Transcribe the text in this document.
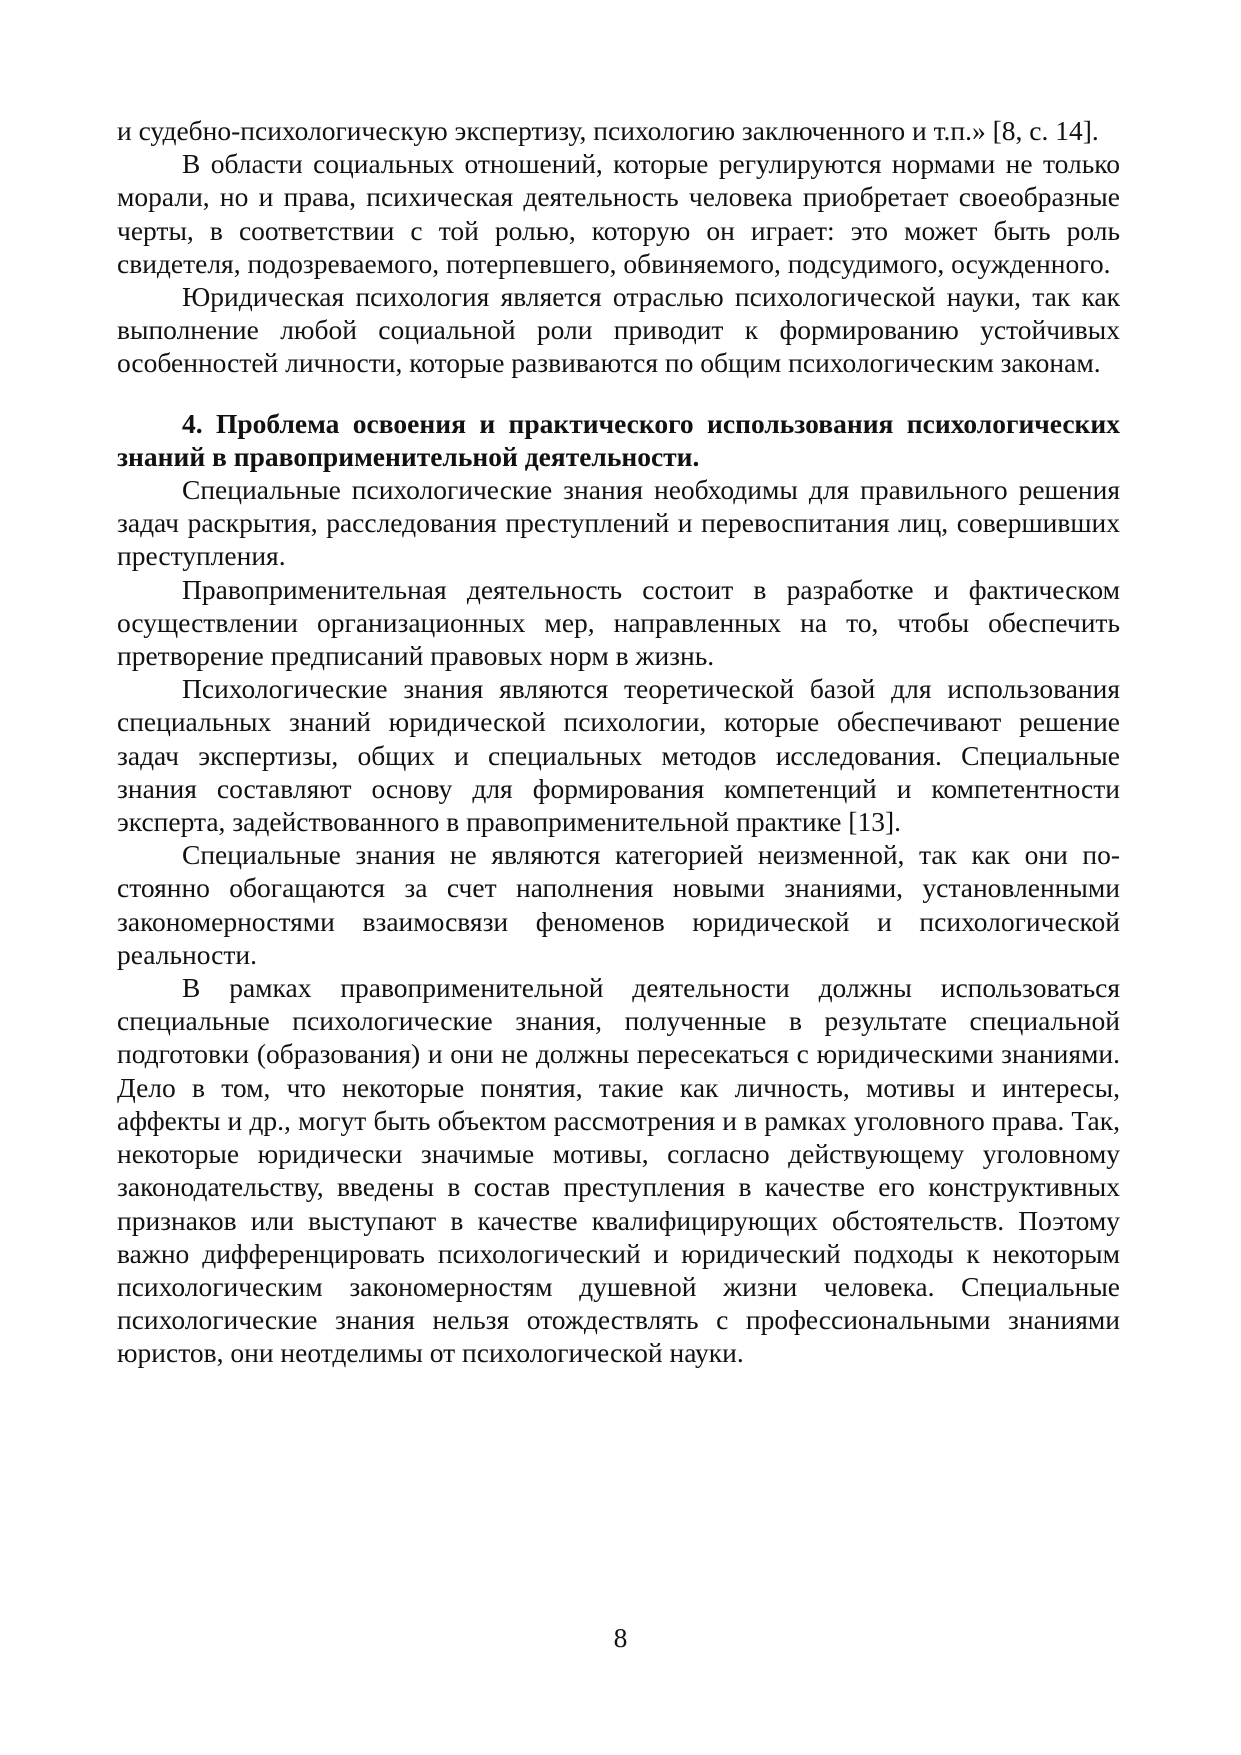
и судебно-психологическую экспертизу, психологию заключенного и т.п.» [8, с. 14].

В области социальных отношений, которые регулируются нормами не только морали, но и права, психическая деятельность человека приобретает своеобразные черты, в соответствии с той ролью, которую он играет: это может быть роль свидетеля, подозреваемого, потерпевшего, обвиняемого, подсудимого, осужденного.

Юридическая психология является отраслью психологической науки, так как выполнение любой социальной роли приводит к формированию устойчивых особенностей личности, которые развиваются по общим психологическим законам.

4. Проблема освоения и практического использования психологических знаний в правоприменительной деятельности.

Специальные психологические знания необходимы для правильного решения задач раскрытия, расследования преступлений и перевоспитания лиц, совершивших преступления.

Правоприменительная деятельность состоит в разработке и фактическом осуществлении организационных мер, направленных на то, чтобы обеспечить претворение предписаний правовых норм в жизнь.

Психологические знания являются теоретической базой для использования специальных знаний юридической психологии, которые обеспечивают решение задач экспертизы, общих и специальных методов исследования. Специальные знания составляют основу для формирования компетенций и компетентности эксперта, задействованного в правоприменительной практике [13].

Специальные знания не являются категорией неизменной, так как они постоянно обогащаются за счет наполнения новыми знаниями, установленными закономерностями взаимосвязи феноменов юридической и психологической реальности.

В рамках правоприменительной деятельности должны использоваться специальные психологические знания, полученные в результате специальной подготовки (образования) и они не должны пересекаться с юридическими знаниями. Дело в том, что некоторые понятия, такие как личность, мотивы и интересы, аффекты и др., могут быть объектом рассмотрения и в рамках уголовного права. Так, некоторые юридически значимые мотивы, согласно действующему уголовному законодательству, введены в состав преступления в качестве его конструктивных признаков или выступают в качестве квалифицирующих обстоятельств. Поэтому важно дифференцировать психологический и юридический подходы к некоторым психологическим закономерностям душевной жизни человека. Специальные психологические знания нельзя отождествлять с профессиональными знаниями юристов, они неотделимы от психологической науки.

8
